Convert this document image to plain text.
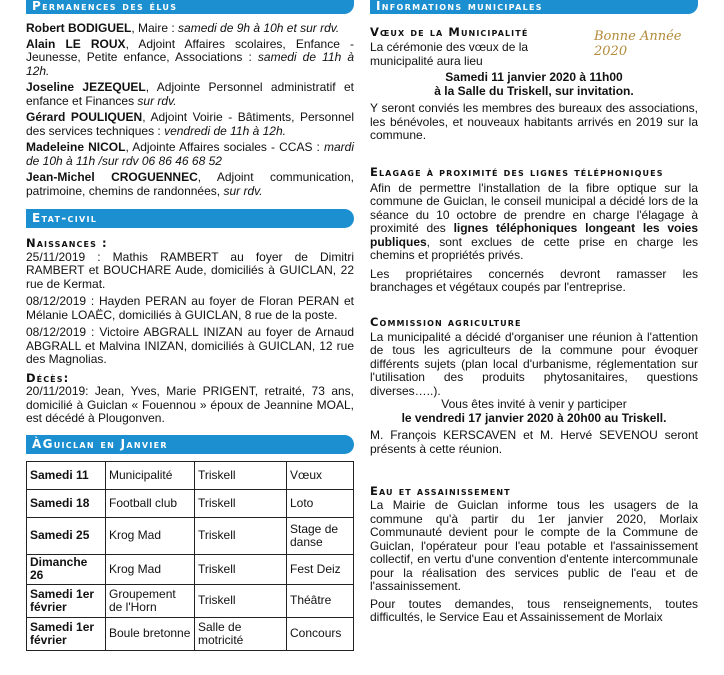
Permanences des élus

Robert BODIGUEL, Maire : samedi de 9h à 10h et sur rdv.

Alain LE ROUX, Adjoint Affaires scolaires, Enfance - Jeunesse, Petite enfance, Associations : samedi de 11h à 12h.

Joseline JEZEQUEL, Adjointe Personnel administratif et enfance et Finances sur rdv.

Gérard POULIQUEN, Adjoint Voirie - Bâtiments, Personnel des services techniques : vendredi de 11h à 12h.

Madeleine NICOL, Adjointe Affaires sociales - CCAS : mardi de 10h à 11h /sur rdv 06 86 46 68 52

Jean-Michel CROGUENNEC, Adjoint communication, patrimoine, chemins de randonnées, sur rdv.

Etat-civil

Naissances :

25/11/2019 : Mathis RAMBERT au foyer de Dimitri RAMBERT et BOUCHARE Aude, domiciliés à GUICLAN, 22 rue de Kermat.

08/12/2019 : Hayden PERAN au foyer de Floran PERAN et Mélanie LOAËC, domiciliés à GUICLAN, 8 rue de la poste.

08/12/2019 : Victoire ABGRALL INIZAN au foyer de Arnaud ABGRALL et Malvina INIZAN, domiciliés à GUICLAN, 12 rue des Magnolias.

Décès:

20/11/2019: Jean, Yves, Marie PRIGENT, retraité, 73 ans, domicilié à Guiclan « Fouennou » époux de Jeannine MOAL, est décédé à Plougonven.

ÀGuiclan en Janvier
Samedi 11	Municipalité	Triskell	Vœux
Samedi 18	Football club	Triskell	Loto
Samedi 25	Krog Mad	Triskell	Stage de danse
Dimanche 26	Krog Mad	Triskell	Fest Deiz
Samedi 1er février	Groupement de l'Horn	Triskell	Théâtre
Samedi 1er février	Boule bretonne	Salle de motricité	Concours
Informations municipales

Vœux de la Municipalité	Bonne Année 2020

La cérémonie des vœux de la municipalité aura lieu

Samedi 11 janvier 2020 à 11h00

à la Salle du Triskell, sur invitation.

Y seront conviés les membres des bureaux des associations, les bénévoles, et nouveaux habitants arrivés en 2019 sur la commune.

Elagage à proximité des lignes téléphoniques

Afin de permettre l'installation de la fibre optique sur la commune de Guiclan, le conseil municipal a décidé lors de la séance du 10 octobre de prendre en charge l'élagage à proximité des lignes téléphoniques longeant les voies publiques, sont exclues de cette prise en charge les chemins et propriétés privés.

Les propriétaires concernés devront ramasser les branchages et végétaux coupés par l'entreprise.

Commission agriculture

La municipalité a décidé d'organiser une réunion à l'attention de tous les agriculteurs de la commune pour évoquer différents sujets (plan local d'urbanisme, réglementation sur l'utilisation des produits phytosanitaires, questions diverses…..).

Vous êtes invité à venir y participer

le vendredi 17 janvier 2020 à 20h00 au Triskell.

M. François KERSCAVEN et M. Hervé SEVENOU seront présents à cette réunion.

Eau et assainissement

La Mairie de Guiclan informe tous les usagers de la commune qu'à partir du 1er janvier 2020, Morlaix Communauté devient pour le compte de la Commune de Guiclan, l'opérateur pour l'eau potable et l'assainissement collectif, en vertu d'une convention d'entente intercommunale pour la réalisation des services public de l'eau et de l'assainissement.

Pour toutes demandes, tous renseignements, toutes difficultés, le Service Eau et Assainissement de Morlaix
